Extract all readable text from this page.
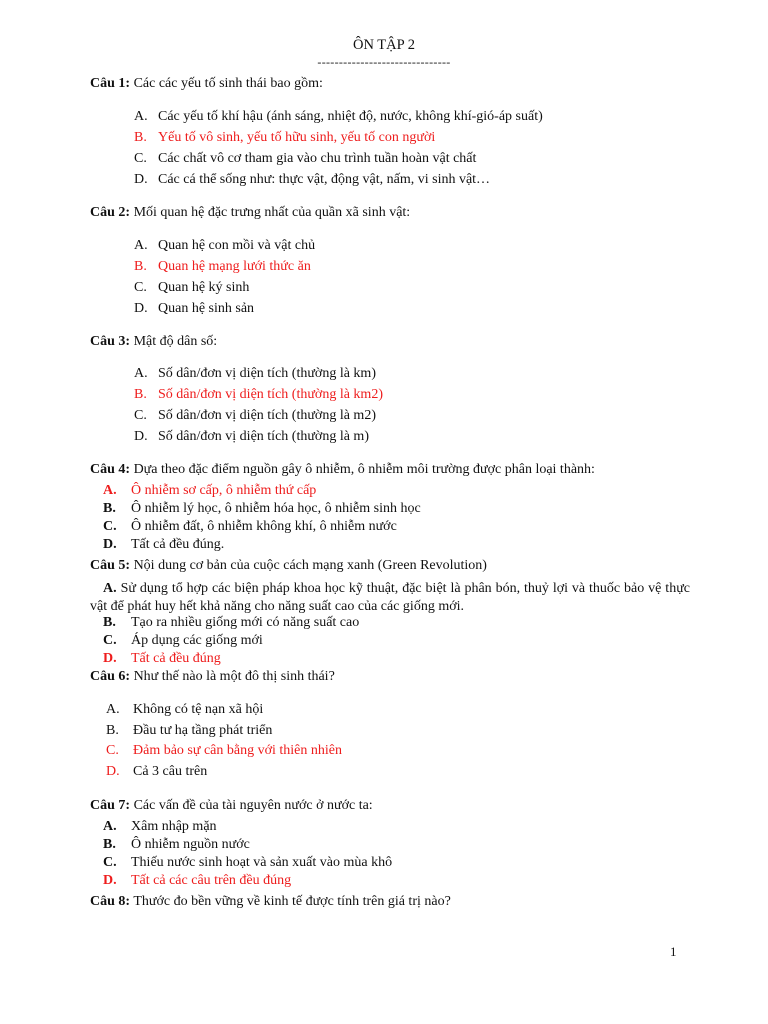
ÔN TẬP 2
-------------------------------
Câu 1: Các các yếu tố sinh thái bao gồm:
A. Các yếu tố khí hậu (ánh sáng, nhiệt độ, nước, không khí-gió-áp suất)
B. Yếu tố vô sinh, yếu tố hữu sinh, yếu tố con người
C. Các chất vô cơ tham gia vào chu trình tuần hoàn vật chất
D. Các cá thể sống như: thực vật, động vật, nấm, vi sinh vật…
Câu 2: Mối quan hệ đặc trưng nhất của quần xã sinh vật:
A. Quan hệ con mồi và vật chủ
B. Quan hệ mạng lưới thức ăn
C. Quan hệ ký sinh
D. Quan hệ sinh sản
Câu 3: Mật độ dân số:
A. Số dân/đơn vị diện tích (thường là km)
B. Số dân/đơn vị diện tích (thường là km2)
C. Số dân/đơn vị diện tích (thường là m2)
D. Số dân/đơn vị diện tích (thường là m)
Câu 4: Dựa theo đặc điểm nguồn gây ô nhiễm, ô nhiễm môi trường được phân loại thành:
A. Ô nhiễm sơ cấp, ô nhiễm thứ cấp
B. Ô nhiễm lý học, ô nhiễm hóa học, ô nhiễm sinh học
C. Ô nhiễm đất, ô nhiễm không khí, ô nhiễm nước
D. Tất cả đều đúng.
Câu 5: Nội dung cơ bản của cuộc cách mạng xanh (Green Revolution)
A. Sử dụng tổ hợp các biện pháp khoa học kỹ thuật, đặc biệt là phân bón, thuỷ lợi và thuốc bảo vệ thực vật để phát huy hết khả năng cho năng suất cao của các giống mới.
B. Tạo ra nhiều giống mới có năng suất cao
C. Áp dụng các giống mới
D. Tất cả đều đúng
Câu 6: Như thế nào là một đô thị sinh thái?
A. Không có tệ nạn xã hội
B. Đầu tư hạ tầng phát triển
C. Đảm bảo sự cân bằng với thiên nhiên
D. Cả 3 câu trên
Câu 7: Các vấn đề của tài nguyên nước ở nước ta:
A. Xâm nhập mặn
B. Ô nhiễm nguồn nước
C. Thiếu nước sinh hoạt và sản xuất vào mùa khô
D. Tất cả các câu trên đều đúng
Câu 8: Thước đo bền vững về kinh tế được tính trên giá trị nào?
1
